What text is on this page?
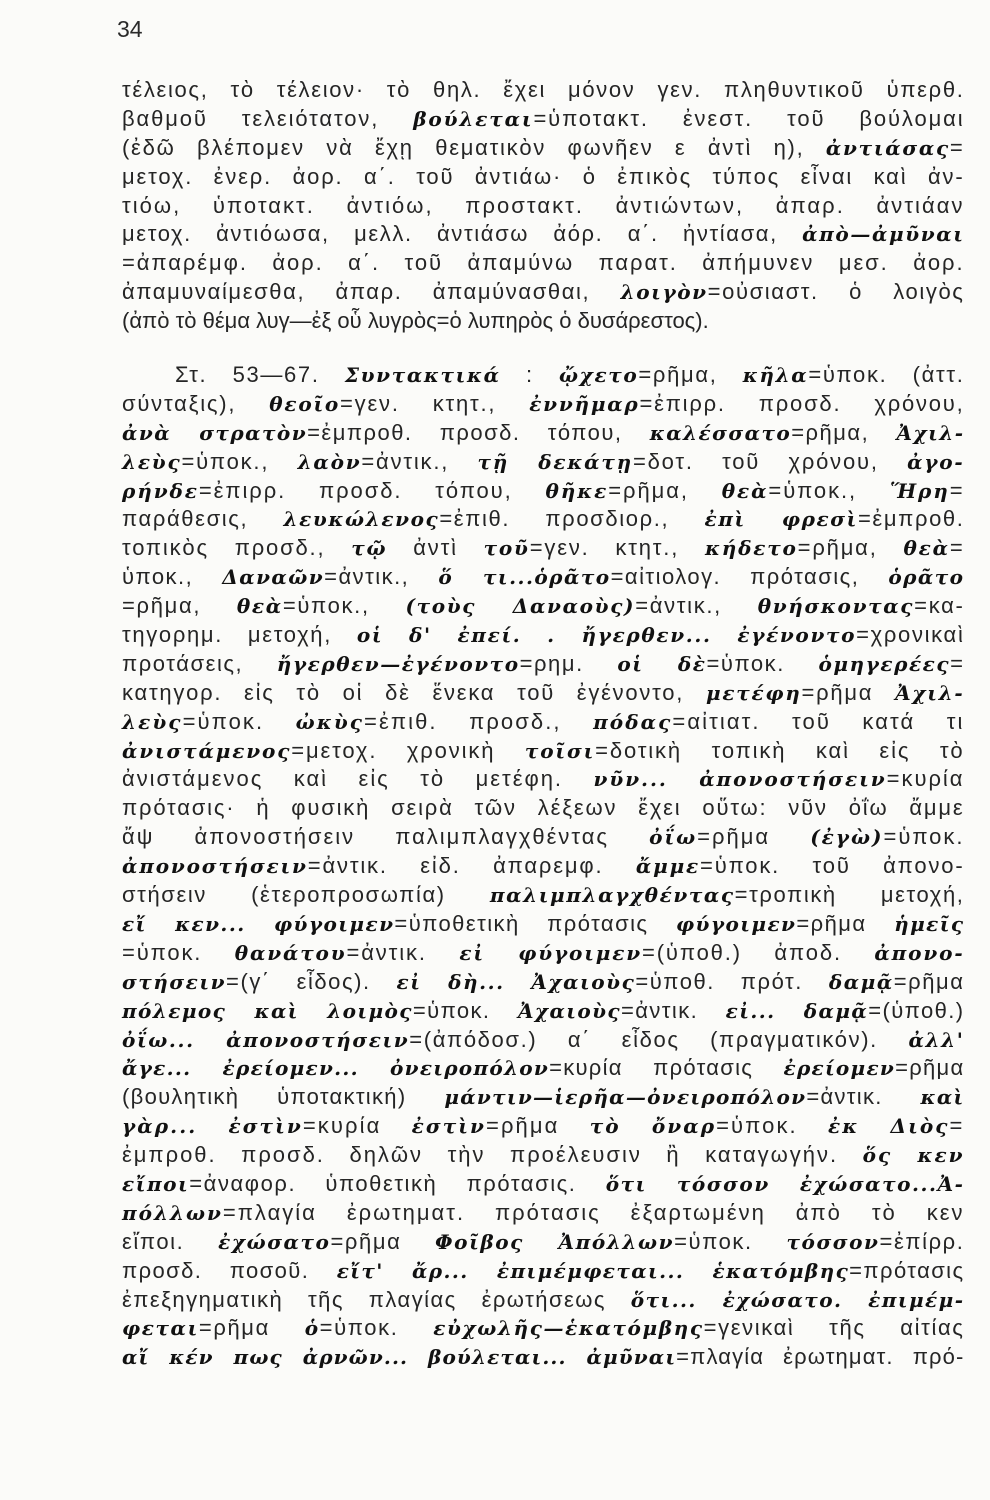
34
τέλειος, τὸ τέλειον· τὸ θηλ. ἔχει μόνον γεν. πληθυντικοῦ ὑπερθ.
βαθμοῦ τελειότατον, βούλεται=ὑποτακτ. ἐνεστ. τοῦ βούλομαι
(ἐδῶ βλέπομεν νὰ ἔχῃ θεματικὸν φωνῆεν ε ἀντὶ η), ἀντιάσας=
μετοχ. ἐνερ. ἀορ. α΄. τοῦ ἀντιάω· ὁ ἐπικὸς τύπος εἶναι καὶ ἀν-
τιόω, ὑποτακτ. ἀντιόω, προστακτ. ἀντιώντων, ἀπαρ. ἀντιάαν
μετοχ. ἀντιόωσα, μελλ. ἀντιάσω ἀόρ. α΄. ἠντίασα, ἀπὸ—ἀμῦναι
=ἀπαρέμφ. ἀορ. α΄. τοῦ ἀπαμύνω παρατ. ἀπήμυνεν μεσ. ἀορ.
ἀπαμυναίμεσθα, ἀπαρ. ἀπαμύνασθαι, λοιγὸν=οὐσιαστ. ὁ λοιγὸς
(ἀπὸ τὸ θέμα λυγ—ἐξ οὗ λυγρὸς=ὁ λυπηρὸς ὁ δυσάρεστος).
Στ. 53—67. Συντακτικά : ᾤχετο=ρῆμα, κῆλα=ὑποκ. (ἀττ.
σύνταξις), θεοῖο=γεν. κτητ., ἐννῆμαρ=ἐπιρρ. προσδ. χρόνου,
ἀνὰ στρατὸν=ἐμπροθ. προσδ. τόπου, καλέσσατο=ρῆμα, Ἀχιλ-
λεὺς=ὑποκ., λαὸν=ἀντικ., τῇ δεκάτῃ=δοτ. τοῦ χρόνου, ἀγο-
ρήνδε=ἐπιρρ. προσδ. τόπου, θῆκε=ρῆμα, θεὰ=ὑποκ., Ἥρη=
παράθεσις, λευκώλενος=ἐπιθ. προσδιορ., ἐπὶ φρεσὶ=ἐμπροθ.
τοπικὸς προσδ., τῷ ἀντὶ τοῦ=γεν. κτητ., κήδετο=ρῆμα, θεὰ=
ὑποκ., Δαναῶν=ἀντικ., ὅ τι...ὁρᾶτο=αἰτιολογ. πρότασις, ὁρᾶτο
=ρῆμα, θεὰ=ὑποκ., (τοὺς Δαναοὺς)=ἀντικ., θνήσκοντας=κα-
τηγορημ. μετοχή, οἱ δ' ἐπεί. . ἤγερθεν... ἐγένοντο=χρονικαὶ
προτάσεις, ἤγερθεν—ἐγένοντο=ρημ. οἱ δὲ=ὑποκ. ὁμηγερέες=
κατηγορ. εἰς τὸ οἱ δὲ ἕνεκα τοῦ ἐγένοντο, μετέφη=ρῆμα Ἀχιλ-
λεὺς=ὑποκ. ὠκὺς=ἐπιθ. προσδ., πόδας=αἰτιατ. τοῦ κατά τι
ἀνιστάμενος=μετοχ. χρονικὴ τοῖσι=δοτικὴ τοπικὴ καὶ εἰς τὸ
ἀνιστάμενος καὶ εἰς τὸ μετέφη. νῦν... ἀπονοστήσειν=κυρία
πρότασις· ἡ φυσικὴ σειρὰ τῶν λέξεων ἔχει οὕτω: νῦν ὀΐω ἄμμε
ἄψ ἀπονοστήσειν παλιμπλαγχθέντας ὀΐω=ρῆμα (ἐγὼ)=ὑποκ.
ἀπονοστήσειν=ἀντικ. εἰδ. ἀπαρεμφ. ἄμμε=ὑποκ. τοῦ ἀπονο-
στήσειν (ἑτεροπροσωπία) παλιμπλαγχθέντας=τροπικὴ μετοχή,
εἴ κεν... φύγοιμεν=ὑποθετικὴ πρότασις φύγοιμεν=ρῆμα ἡμεῖς
=ὑποκ. θανάτου=ἀντικ. εἰ φύγοιμεν=(ὑποθ.) ἀποδ. ἀπονο-
στήσειν=(γ΄ εἶδος). εἰ δὴ... Ἀχαιοὺς=ὑποθ. πρότ. δαμᾷ=ρῆμα
πόλεμος καὶ λοιμὸς=ὑποκ. Ἀχαιοὺς=ἀντικ. εἰ... δαμᾷ=(ὑποθ.)
ὀΐω... ἀπονοστήσειν=(ἀπόδοσ.) α΄ εἶδος (πραγματικόν). ἀλλ'
ἄγε... ἐρείομεν... ὀνειροπόλον=κυρία πρότασις ἐρείομεν=ρῆμα
(βουλητικὴ ὑποτακτική) μάντιν—ἱερῆα—ὀνειροπόλον=ἀντικ. καὶ
γὰρ... ἐστὶν=κυρία ἐστὶν=ρῆμα τὸ ὄναρ=ὑποκ. ἐκ Διὸς=
ἐμπροθ. προσδ. δηλῶν τὴν προέλευσιν ἢ καταγωγήν. ὅς κεν
εἴποι=ἀναφορ. ὑποθετικὴ πρότασις. ὅτι τόσσον ἐχώσατο...Ἀ-
πόλλων=πλαγία ἐρωτηματ. πρότασις ἐξαρτωμένη ἀπὸ τὸ κεν
εἴποι. ἐχώσατο=ρῆμα Φοῖβος Ἀπόλλων=ὑποκ. τόσσον=ἐπίρρ.
προσδ. ποσοῦ. εἴτ' ἄρ... ἐπιμέμφεται... ἑκατόμβης=πρότασις
ἐπεξηγηματικὴ τῆς πλαγίας ἐρωτήσεως ὅτι... ἐχώσατο. ἐπιμέμ-
φεται=ρῆμα ὁ=ὑποκ. εὐχωλῆς—ἑκατόμβης=γενικαὶ τῆς αἰτίας
αἴ κέν πως ἀρνῶν... βούλεται... ἀμῦναι=πλαγία ἐρωτηματ. πρό-
